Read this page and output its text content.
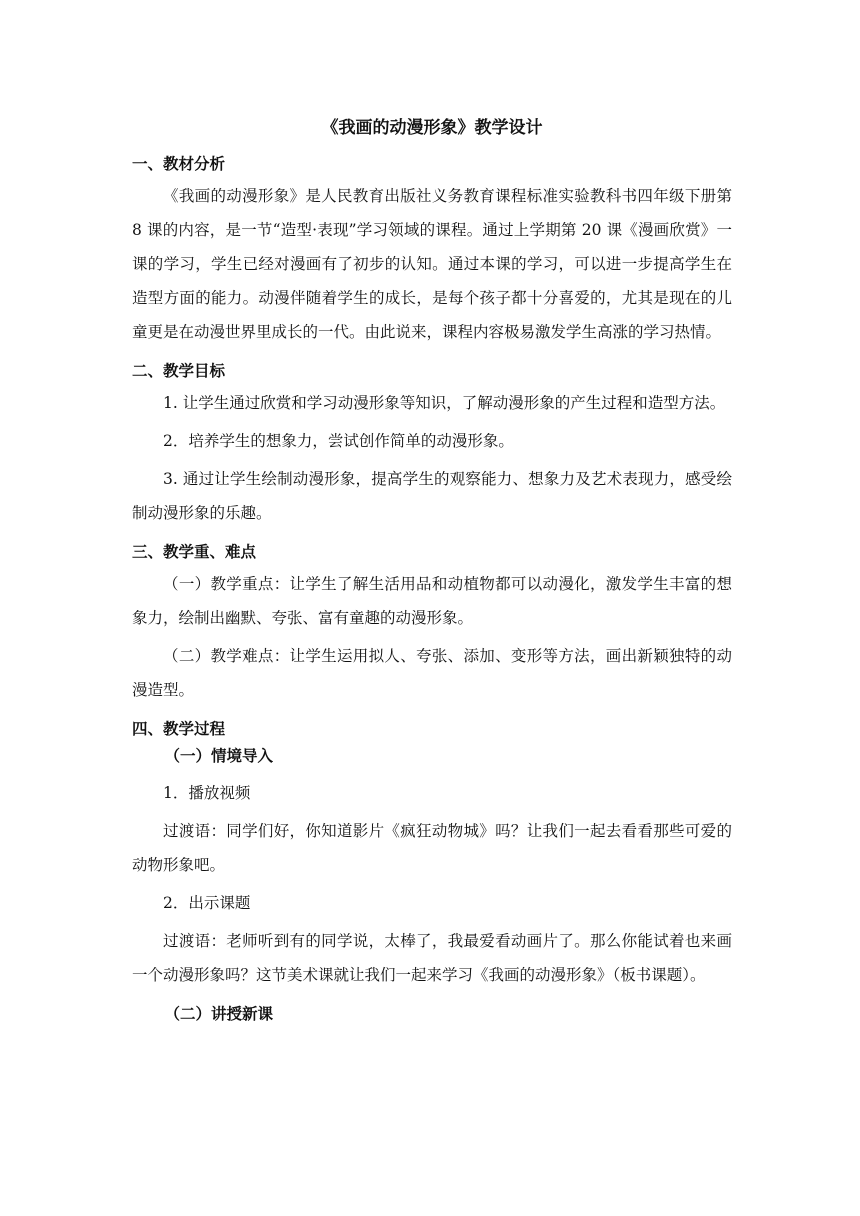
《我画的动漫形象》教学设计
一、教材分析

《我画的动漫形象》是人民教育出版社义务教育课程标准实验教科书四年级下册第 8 课的内容，是一节“造型·表现”学习领域的课程。通过上学期第 20 课《漫画欣赏》一课的学习，学生已经对漫画有了初步的认知。通过本课的学习，可以进一步提高学生在造型方面的能力。动漫伴随着学生的成长，是每个孩子都十分喜爱的，尤其是现在的儿童更是在动漫世界里成长的一代。由此说来，课程内容极易激发学生高涨的学习热情。

二、教学目标

1. 让学生通过欣赏和学习动漫形象等知识，了解动漫形象的产生过程和造型方法。

2．培养学生的想象力，尝试创作简单的动漫形象。

3. 通过让学生绘制动漫形象，提高学生的观察能力、想象力及艺术表现力，感受绘制动漫形象的乐趣。

三、教学重、难点

（一）教学重点：让学生了解生活用品和动植物都可以动漫化，激发学生丰富的想象力，绘制出幽默、夸张、富有童趣的动漫形象。

（二）教学难点：让学生运用拟人、夸张、添加、变形等方法，画出新颖独特的动漫造型。

四、教学过程
（一）情境导入

1．播放视频

过渡语：同学们好，你知道影片《疯狂动物城》吗？让我们一起去看看那些可爱的动物形象吧。

2．出示课题

过渡语：老师听到有的同学说，太棒了，我最爱看动画片了。那么你能试着也来画一个动漫形象吗？这节美术课就让我们一起来学习《我画的动漫形象》（板书课题）。

（二）讲授新课
